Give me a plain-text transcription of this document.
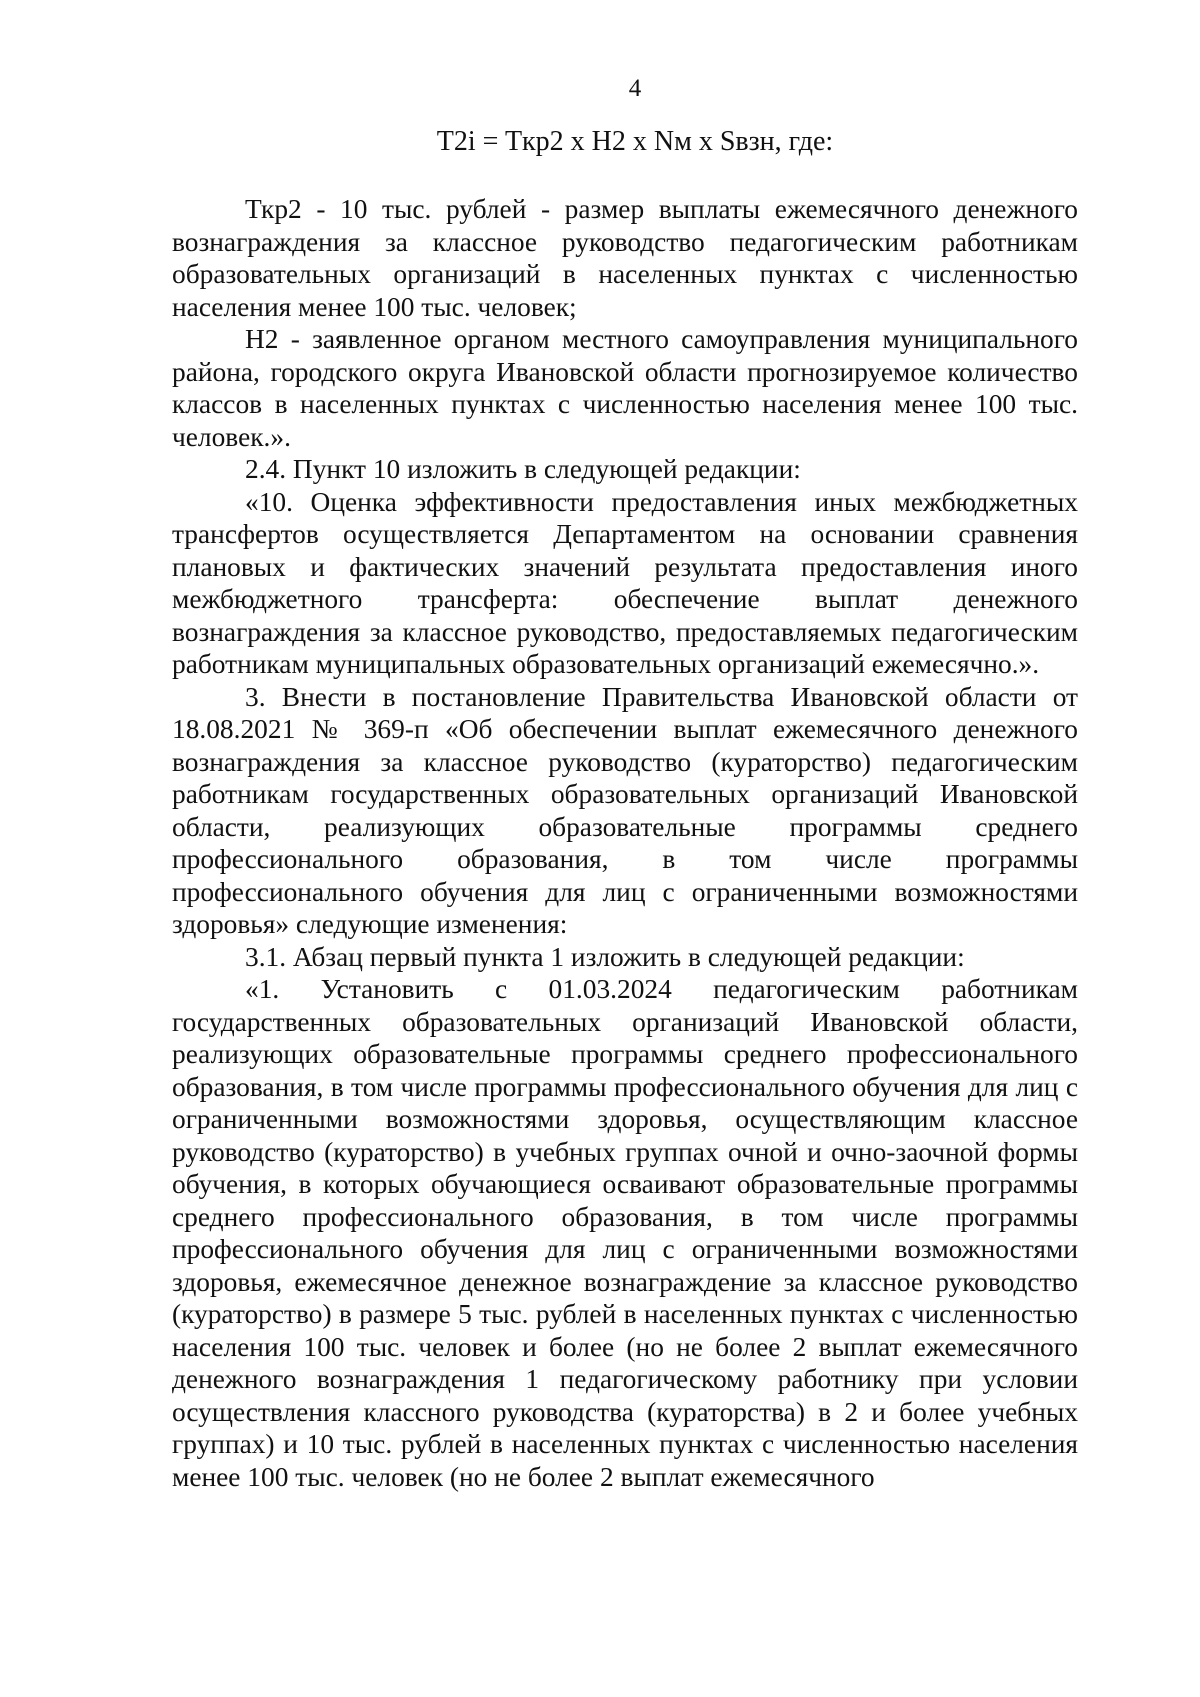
4
T2i = Tкр2 x H2 x Nм x Sвзн, где:

Ткр2 - 10 тыс. рублей - размер выплаты ежемесячного денежного вознаграждения за классное руководство педагогическим работникам образовательных организаций в населенных пунктах с численностью населения менее 100 тыс. человек;

Н2 - заявленное органом местного самоуправления муниципального района, городского округа Ивановской области прогнозируемое количество классов в населенных пунктах с численностью населения менее 100 тыс. человек.».

2.4. Пункт 10 изложить в следующей редакции:

«10. Оценка эффективности предоставления иных межбюджетных трансфертов осуществляется Департаментом на основании сравнения плановых и фактических значений результата предоставления иного межбюджетного трансферта: обеспечение выплат денежного вознаграждения за классное руководство, предоставляемых педагогическим работникам муниципальных образовательных организаций ежемесячно.».

3. Внести в постановление Правительства Ивановской области от 18.08.2021 № 369-п «Об обеспечении выплат ежемесячного денежного вознаграждения за классное руководство (кураторство) педагогическим работникам государственных образовательных организаций Ивановской области, реализующих образовательные программы среднего профессионального образования, в том числе программы профессионального обучения для лиц с ограниченными возможностями здоровья» следующие изменения:

3.1. Абзац первый пункта 1 изложить в следующей редакции:

«1. Установить с 01.03.2024 педагогическим работникам государственных образовательных организаций Ивановской области, реализующих образовательные программы среднего профессионального образования, в том числе программы профессионального обучения для лиц с ограниченными возможностями здоровья, осуществляющим классное руководство (кураторство) в учебных группах очной и очно-заочной формы обучения, в которых обучающиеся осваивают образовательные программы среднего профессионального образования, в том числе программы профессионального обучения для лиц с ограниченными возможностями здоровья, ежемесячное денежное вознаграждение за классное руководство (кураторство) в размере 5 тыс. рублей в населенных пунктах с численностью населения 100 тыс. человек и более (но не более 2 выплат ежемесячного денежного вознаграждения 1 педагогическому работнику при условии осуществления классного руководства (кураторства) в 2 и более учебных группах) и 10 тыс. рублей в населенных пунктах с численностью населения менее 100 тыс. человек (но не более 2 выплат ежемесячного
